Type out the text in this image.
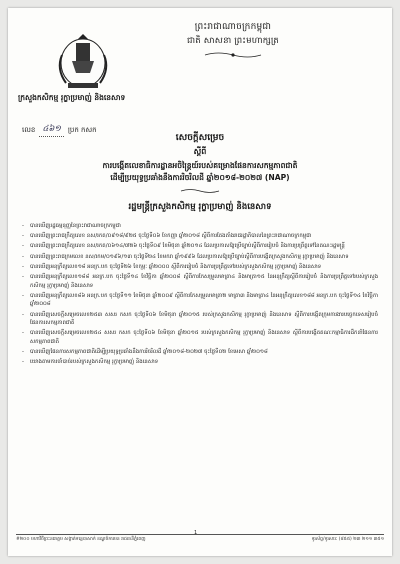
ព្រះរាជាណាចក្រកម្ពុជា
ជាតិ សាសនា ព្រះមហាក្សត្រ
ក្រសួងកសិកម្ម រុក្ខាប្រមាញ់ និងនេសាទ
លេខ ៤៦១	ប្រក កសក
សេចក្តីសម្រេច
ស្តីពី
ការបង្កើតលេខាធិការដ្ឋានអចិន្ត្រៃយ៍របស់គម្រោងផែនការសកម្មភាពជាតិ
ដើម្បីប្រយុទ្ធប្រឆាំងនឹងការរិចរិលដី ឆ្នាំ២០១៨-២០២៧ (NAP)
រដ្ឋមន្ត្រីក្រសួងកសិកម្ម រុក្ខាប្រមាញ់ និងនេសាទ
-	បានឃើញរដ្ឋធម្មនុញ្ញនៃព្រះរាជាណាចក្រកម្ពុជា
-	បានឃើញព្រះរាជក្រឹត្យលេខ នស/រកត/០៩១៨/៩២៥ ចុះថ្ងៃទី០៦ ខែកញ្ញា ឆ្នាំ២០១៨ ស្តីពីការតែងតាំងរាជរដ្ឋាភិបាលនៃព្រះរាជាណាចក្រកម្ពុជា
-	បានឃើញព្រះរាជក្រឹត្យលេខ នស/រកត/០៦១៤/៧២៦ ចុះថ្ងៃទី០៩ ខែមិថុនា ឆ្នាំ២០១៤ ដែលប្រកាសឱ្យប្រើច្បាប់ស្តីពីការរៀបចំ និងការប្រព្រឹត្តទៅនៃគណៈរដ្ឋមន្ត្រី
-	បានឃើញព្រះរាជក្រមលេខ នស/រកម/០១៩៦/១៣ ចុះថ្ងៃទី២៤ ខែមករា ឆ្នាំ១៩៩៦ ដែលប្រកាសឱ្យប្រើច្បាប់ស្តីពីការបង្កើតក្រសួងកសិកម្ម រុក្ខាប្រមាញ់ និងនេសាទ
-	បានឃើញអនុក្រឹត្យលេខ១៨ អនក្រ.បក ចុះថ្ងៃទី២៦ ខែកុម្ភៈ ឆ្នាំ២០០០ ស្តីពីការរៀបចំ និងការប្រព្រឹត្តទៅរបស់ក្រសួងកសិកម្ម រុក្ខាប្រមាញ់ និងនេសាទ
-	បានឃើញអនុក្រឹត្យលេខ១៨៨ អនក្រ.បក ចុះថ្ងៃទី១៤ ខែវិច្ឆិកា ឆ្នាំ២០០៨ ស្តីពីការកែសម្រួលមាត្រា៤ និងមាត្រា១៥ នៃអនុក្រឹត្យស្តីពីការរៀបចំ និងការប្រព្រឹត្តទៅរបស់ក្រសួងកសិកម្ម រុក្ខាប្រមាញ់ និងនេសាទ
-	បានឃើញអនុក្រឹត្យលេខ៨៦ អនក្រ.បក ចុះថ្ងៃទី១១ ខែមិថុនា ឆ្នាំ២០០៩ ស្តីពីការកែសម្រួលមាត្រា២ មាត្រា៣ និងមាត្រា៤ នៃអនុក្រឹត្យលេខ១៨៨ អនក្រ.បក ចុះថ្ងៃទី១៤ ខែវិច្ឆិកា ឆ្នាំ២០០៨
-	បានឃើញសេចក្តីសម្រេចលេខ២៥៣ សសរ កសក ចុះថ្ងៃទី០៦ ខែមិថុនា ឆ្នាំ២០១៥ របស់ក្រសួងកសិកម្ម រុក្ខាប្រមាញ់ និងនេសាទ ស្តីពីការបង្កើតក្រុមការងារបច្ចេកទេសរៀបចំផែនការសកម្មភាពជាតិ
-	បានឃើញសេចក្តីសម្រេចលេខ២៥៤ សសរ កសក ចុះថ្ងៃទី០៦ ខែមិថុនា ឆ្នាំ២០១៥ របស់ក្រសួងកសិកម្ម រុក្ខាប្រមាញ់ និងនេសាទ ស្តីពីការបង្កើតគណៈកម្មាធិការដឹកនាំផែនការសកម្មភាពជាតិ
-	បានឃើញផែនការសកម្មភាពជាតិដើម្បីប្រយុទ្ធប្រឆាំងនឹងការរិចរិលដី ឆ្នាំ២០១៨-២០២៧ ចុះថ្ងៃទី០២ ខែមេសា ឆ្នាំ២០១៨
-	យោងតាមការចាំបាច់របស់ក្រសួងកសិកម្ម រុក្ខាប្រមាញ់ និងនេសាទ
1
#២០០ មហាវិថីព្រះនរោត្តម សង្កាត់ទន្លេបាសាក់ ខណ្ឌចំការមន រាជធានីភ្នំពេញ	ទូរស័ព្ទ/ទូរសារៈ (៨៥៥) ២៣ ២១១ ៣៥១
